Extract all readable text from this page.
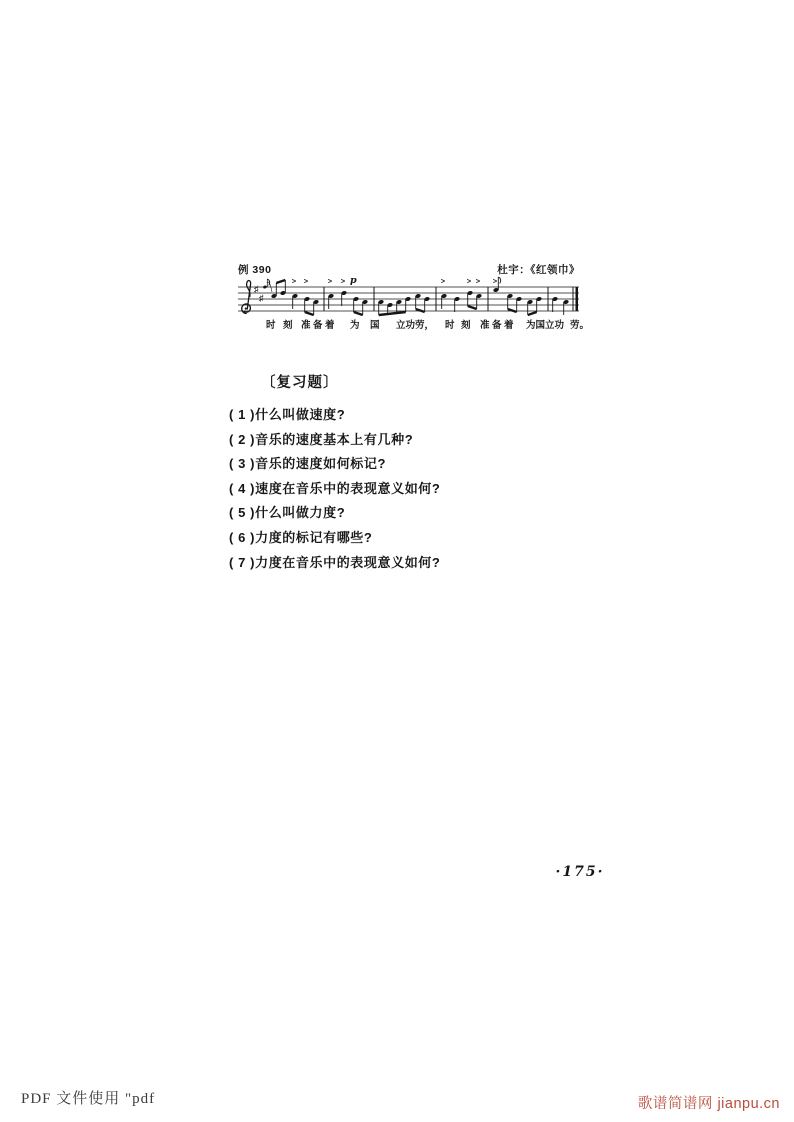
例 390	杜宇：《红领巾》
♯
♯
p
> >	> >	>	> > >
时 刻 准 备 着 为 国 立功劳， 时 刻 准 备 着 为国立功 劳。
〔复习题〕
( 1 )什么叫做速度?
( 2 )音乐的速度基本上有几种?
( 3 )音乐的速度如何标记?
( 4 )速度在音乐中的表现意义如何?
( 5 )什么叫做力度?
( 6 )力度的标记有哪些?
( 7 )力度在音乐中的表现意义如何?
·175·
PDF 文件使用 "pdf	歌谱简谱网 jianpu.cn
